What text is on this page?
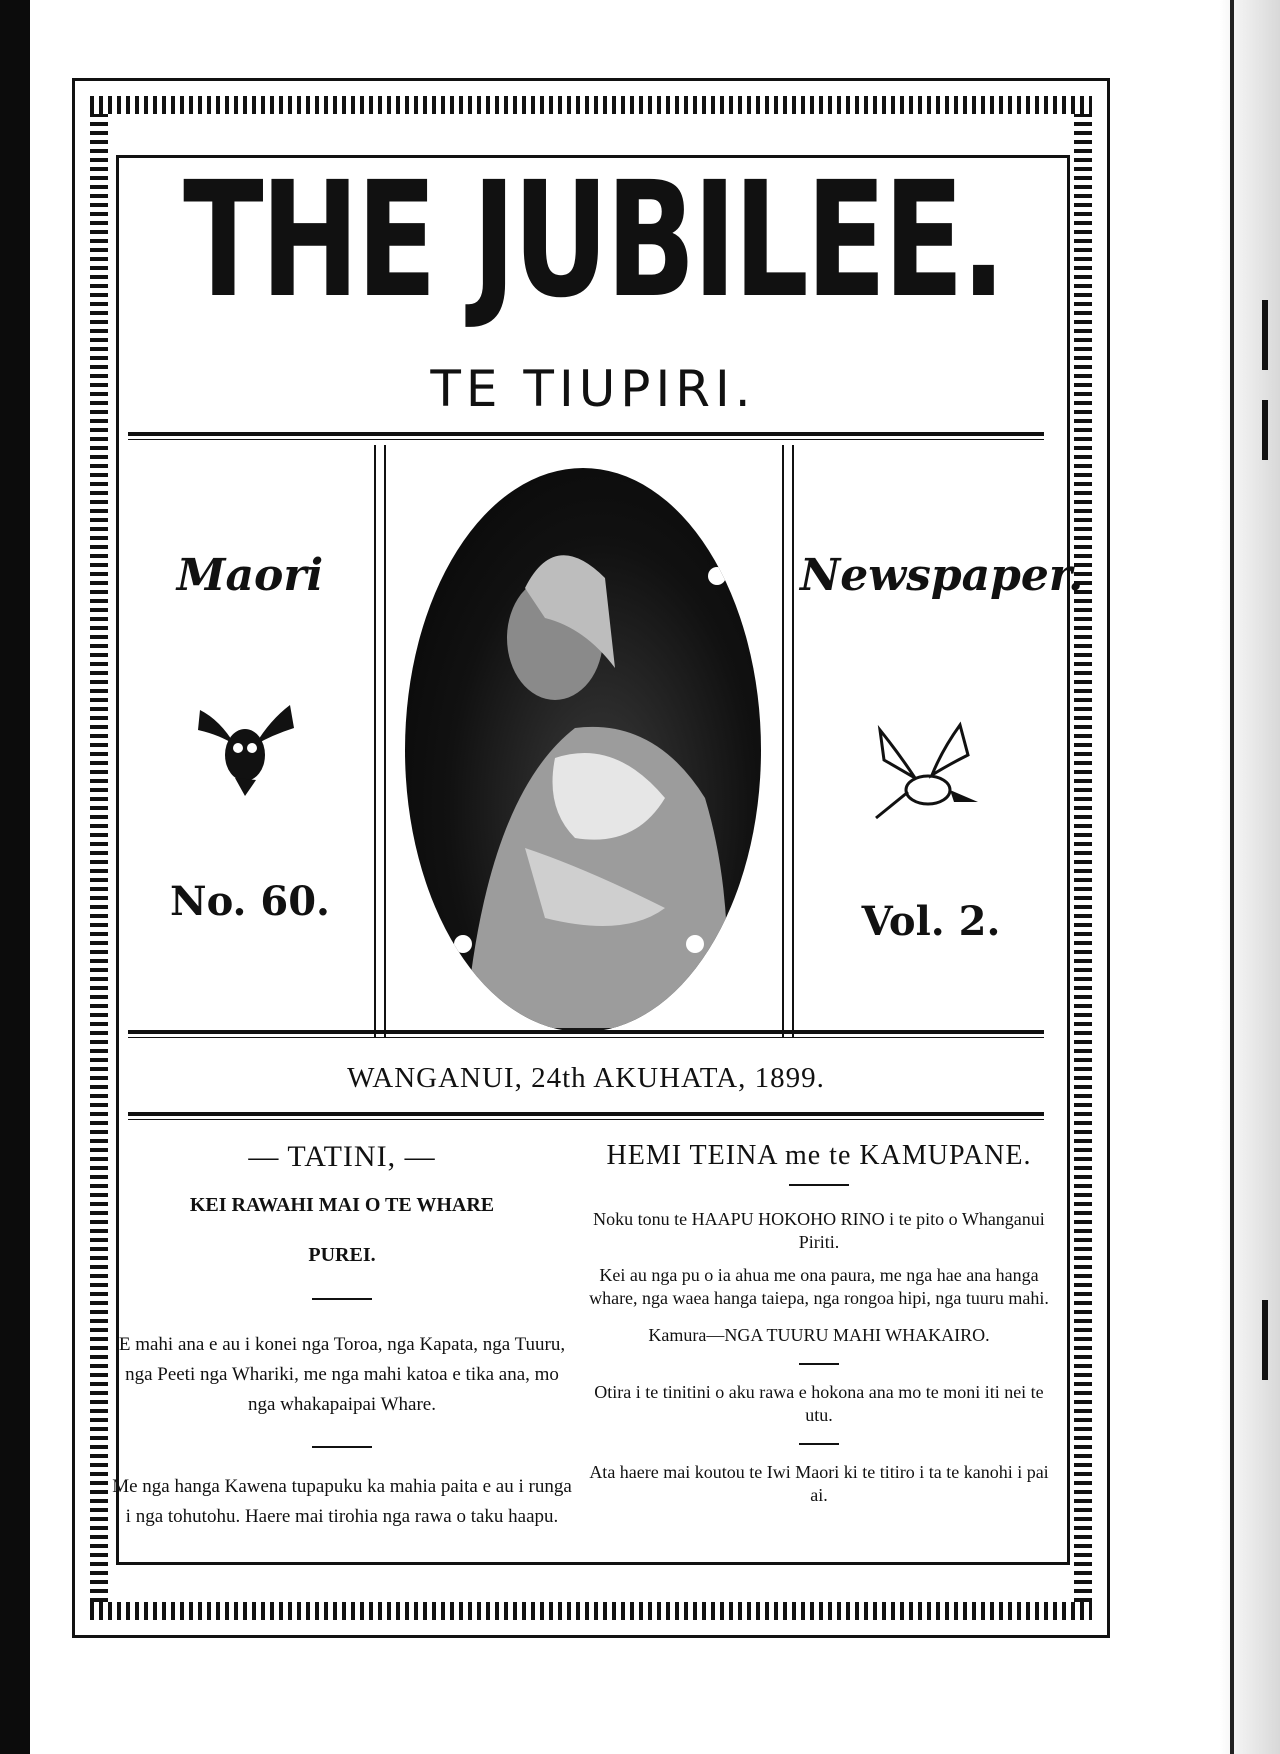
THE JUBILEE.
TE TIUPIRI.
Maori
No. 60.
Newspaper.
Vol. 2.
WANGANUI, 24th AKUHATA, 1899.

— TATINI, —

KEI RAWAHI MAI O TE WHARE

PUREI.

E mahi ana e au i konei nga Toroa, nga Kapata, nga Tuuru, nga Peeti nga Whariki, me nga mahi katoa e tika ana, mo nga whakapaipai Whare.

Me nga hanga Kawena tupapuku ka mahia paita e au i runga i nga tohutohu. Haere mai tirohia nga rawa o taku haapu.

HEMI TEINA me te KAMUPANE.

Noku tonu te HAAPU HOKOHO RINO i te pito o Whanganui Piriti.

Kei au nga pu o ia ahua me ona paura, me nga hae ana hanga whare, nga waea hanga taiepa, nga rongoa hipi, nga tuuru mahi.

Kamura—NGA TUURU MAHI WHAKAIRO.

Otira i te tinitini o aku rawa e hokona ana mo te moni iti nei te utu.

Ata haere mai koutou te Iwi Maori ki te titiro i ta te kanohi i pai ai.
